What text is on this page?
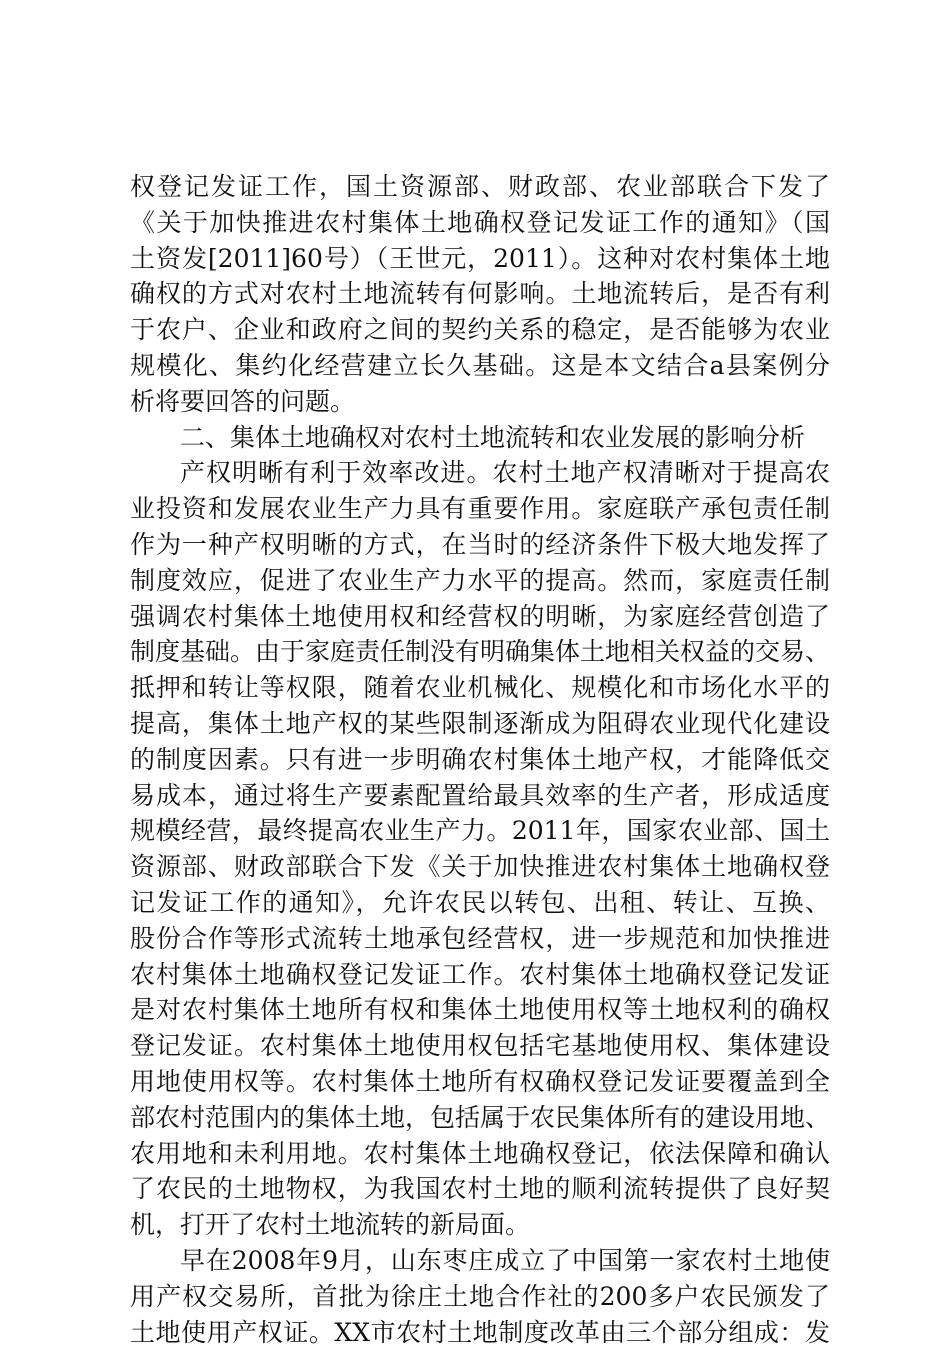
权登记发证工作，国土资源部、财政部、农业部联合下发了
《关于加快推进农村集体土地确权登记发证工作的通知》（国
土资发[2011]60号）（王世元，2011）。这种对农村集体土地
确权的方式对农村土地流转有何影响。土地流转后，是否有利
于农户、企业和政府之间的契约关系的稳定，是否能够为农业
规模化、集约化经营建立长久基础。这是本文结合a县案例分
析将要回答的问题。
二、集体土地确权对农村土地流转和农业发展的影响分析
产权明晰有利于效率改进。农村土地产权清晰对于提高农
业投资和发展农业生产力具有重要作用。家庭联产承包责任制
作为一种产权明晰的方式，在当时的经济条件下极大地发挥了
制度效应，促进了农业生产力水平的提高。然而，家庭责任制
强调农村集体土地使用权和经营权的明晰，为家庭经营创造了
制度基础。由于家庭责任制没有明确集体土地相关权益的交易、
抵押和转让等权限，随着农业机械化、规模化和市场化水平的
提高，集体土地产权的某些限制逐渐成为阻碍农业现代化建设
的制度因素。只有进一步明确农村集体土地产权，才能降低交
易成本，通过将生产要素配置给最具效率的生产者，形成适度
规模经营，最终提高农业生产力。2011年，国家农业部、国土
资源部、财政部联合下发《关于加快推进农村集体土地确权登
记发证工作的通知》，允许农民以转包、出租、转让、互换、
股份合作等形式流转土地承包经营权，进一步规范和加快推进
农村集体土地确权登记发证工作。农村集体土地确权登记发证
是对农村集体土地所有权和集体土地使用权等土地权利的确权
登记发证。农村集体土地使用权包括宅基地使用权、集体建设
用地使用权等。农村集体土地所有权确权登记发证要覆盖到全
部农村范围内的集体土地，包括属于农民集体所有的建设用地、
农用地和未利用地。农村集体土地确权登记，依法保障和确认
了农民的土地物权，为我国农村土地的顺利流转提供了良好契
机，打开了农村土地流转的新局面。
早在2008年9月，山东枣庄成立了中国第一家农村土地使
用产权交易所，首批为徐庄土地合作社的200多户农民颁发了
土地使用产权证。XX市农村土地制度改革由三个部分组成：发
